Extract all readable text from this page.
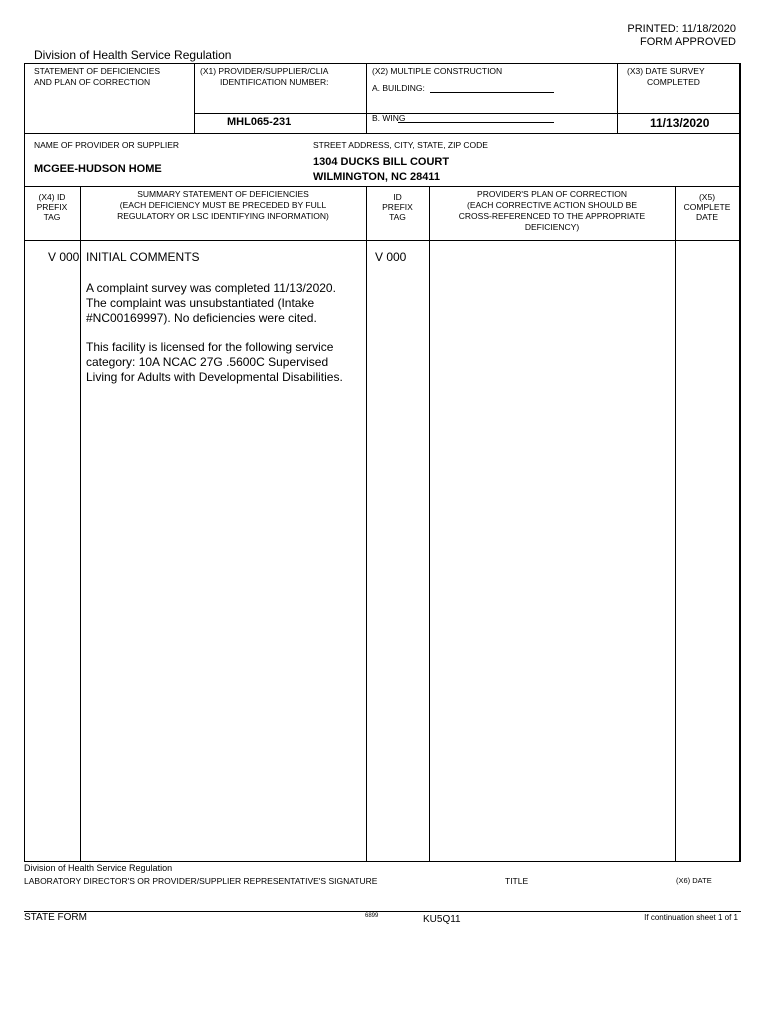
PRINTED: 11/18/2020
FORM APPROVED
Division of Health Service Regulation
STATEMENT OF DEFICIENCIES
AND PLAN OF CORRECTION
(X1) PROVIDER/SUPPLIER/CLIA
IDENTIFICATION NUMBER:
MHL065-231
(X2) MULTIPLE CONSTRUCTION
A. BUILDING:
B. WING
(X3) DATE SURVEY
COMPLETED
11/13/2020
NAME OF PROVIDER OR SUPPLIER
MCGEE-HUDSON HOME
STREET ADDRESS, CITY, STATE, ZIP CODE
1304 DUCKS BILL COURT
WILMINGTON, NC 28411
(X4) ID
PREFIX
TAG
SUMMARY STATEMENT OF DEFICIENCIES
(EACH DEFICIENCY MUST BE PRECEDED BY FULL
REGULATORY OR LSC IDENTIFYING INFORMATION)
ID
PREFIX
TAG
PROVIDER'S PLAN OF CORRECTION
(EACH CORRECTIVE ACTION SHOULD BE
CROSS-REFERENCED TO THE APPROPRIATE
DEFICIENCY)
(X5)
COMPLETE
DATE
V 000 INITIAL COMMENTS	V 000
A complaint survey was completed 11/13/2020.
The complaint was unsubstantiated (Intake
#NC00169997). No deficiencies were cited.
This facility is licensed for the following service
category: 10A NCAC 27G .5600C Supervised
Living for Adults with Developmental Disabilities.
Division of Health Service Regulation
LABORATORY DIRECTOR'S OR PROVIDER/SUPPLIER REPRESENTATIVE'S SIGNATURE	TITLE	(X6) DATE
STATE FORM	6899	KU5Q11	If continuation sheet 1 of 1
